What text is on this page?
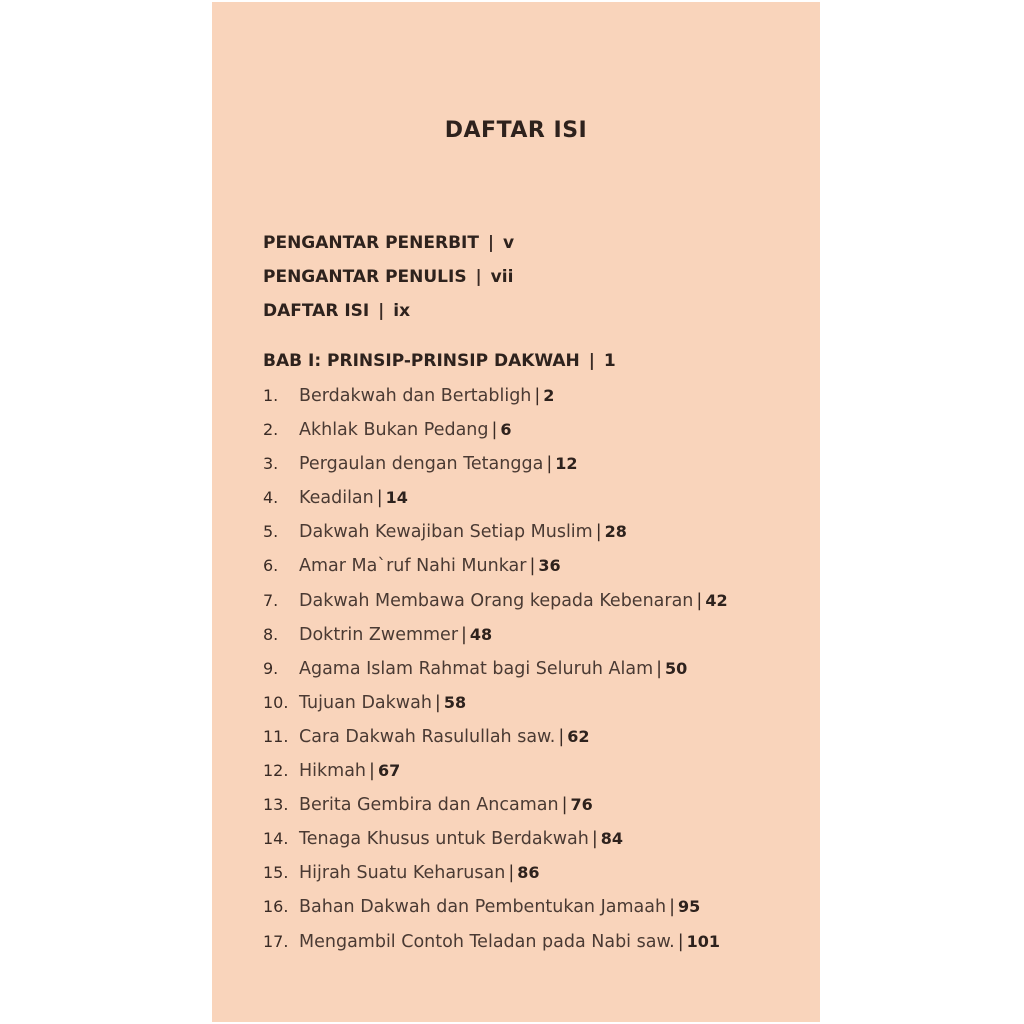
DAFTAR ISI
PENGANTAR PENERBIT | v
PENGANTAR PENULIS | vii
DAFTAR ISI | ix
BAB I: PRINSIP-PRINSIP DAKWAH | 1
1. Berdakwah dan Bertabligh | 2
2. Akhlak Bukan Pedang | 6
3. Pergaulan dengan Tetangga | 12
4. Keadilan | 14
5. Dakwah Kewajiban Setiap Muslim | 28
6. Amar Ma`ruf Nahi Munkar | 36
7. Dakwah Membawa Orang kepada Kebenaran | 42
8. Doktrin Zwemmer | 48
9. Agama Islam Rahmat bagi Seluruh Alam | 50
10. Tujuan Dakwah | 58
11. Cara Dakwah Rasulullah saw. | 62
12. Hikmah | 67
13. Berita Gembira dan Ancaman | 76
14. Tenaga Khusus untuk Berdakwah | 84
15. Hijrah Suatu Keharusan | 86
16. Bahan Dakwah dan Pembentukan Jamaah | 95
17. Mengambil Contoh Teladan pada Nabi saw. | 101
